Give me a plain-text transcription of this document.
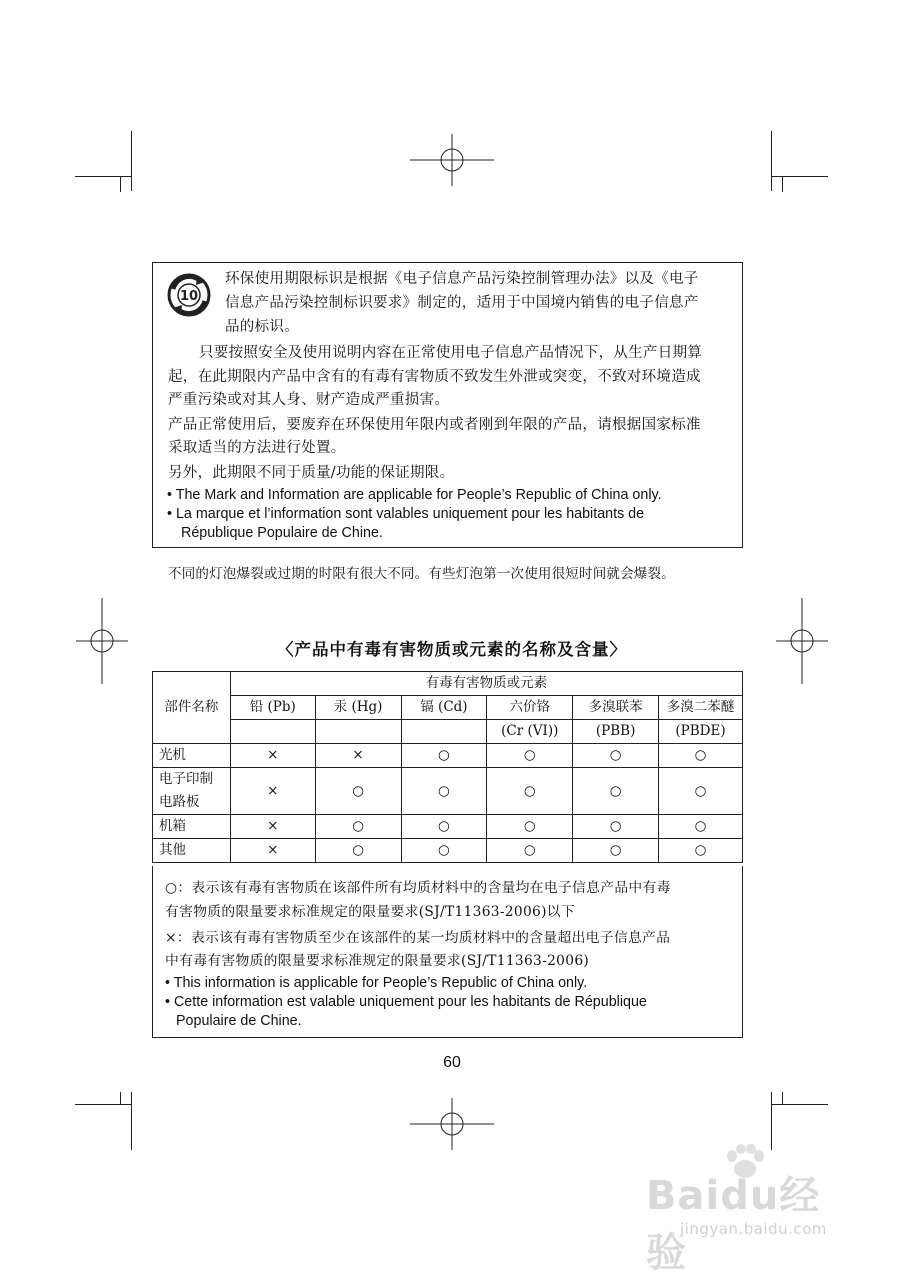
10
环保使用期限标识是根据《电子信息产品污染控制管理办法》以及《电子
信息产品污染控制标识要求》制定的，适用于中国境内销售的电子信息产
品的标识。
只要按照安全及使用说明内容在正常使用电子信息产品情况下，从生产日期算
起，在此期限内产品中含有的有毒有害物质不致发生外泄或突变，不致对环境造成
严重污染或对其人身、财产造成严重损害。
产品正常使用后，要废弃在环保使用年限内或者刚到年限的产品，请根据国家标准
采取适当的方法进行处置。
另外，此期限不同于质量/功能的保证期限。
• The Mark and Information are applicable for People’s Republic of China only.
• La marque et l’information sont valables uniquement pour les habitants de
République Populaire de Chine.
不同的灯泡爆裂或过期的时限有很大不同。有些灯泡第一次使用很短时间就会爆裂。
〈产品中有毒有害物质或元素的名称及含量〉
部件名称	有毒有害物质或元素					
	铅 (Pb)	汞 (Hg)	镉 (Cd)	六价铬	多溴联苯	多溴二苯醚
				(Cr (VI))	(PBB)	(PBDE)
光机	×	×	○	○	○	○

电子印制
电路板	×	○	○	○	○	○
机箱	×	○	○	○	○	○
其他	×	○	○	○	○	○
○：表示该有毒有害物质在该部件所有均质材料中的含量均在电子信息产品中有毒
有害物质的限量要求标准规定的限量要求(SJ/T11363-2006)以下
×：表示该有毒有害物质至少在该部件的某一均质材料中的含量超出电子信息产品
中有毒有害物质的限量要求标准规定的限量要求(SJ/T11363-2006)
• This information is applicable for People’s Republic of China only.
• Cette information est valable uniquement pour les habitants de République
Populaire de Chine.
60
Baidu经验
jingyan.baidu.com
